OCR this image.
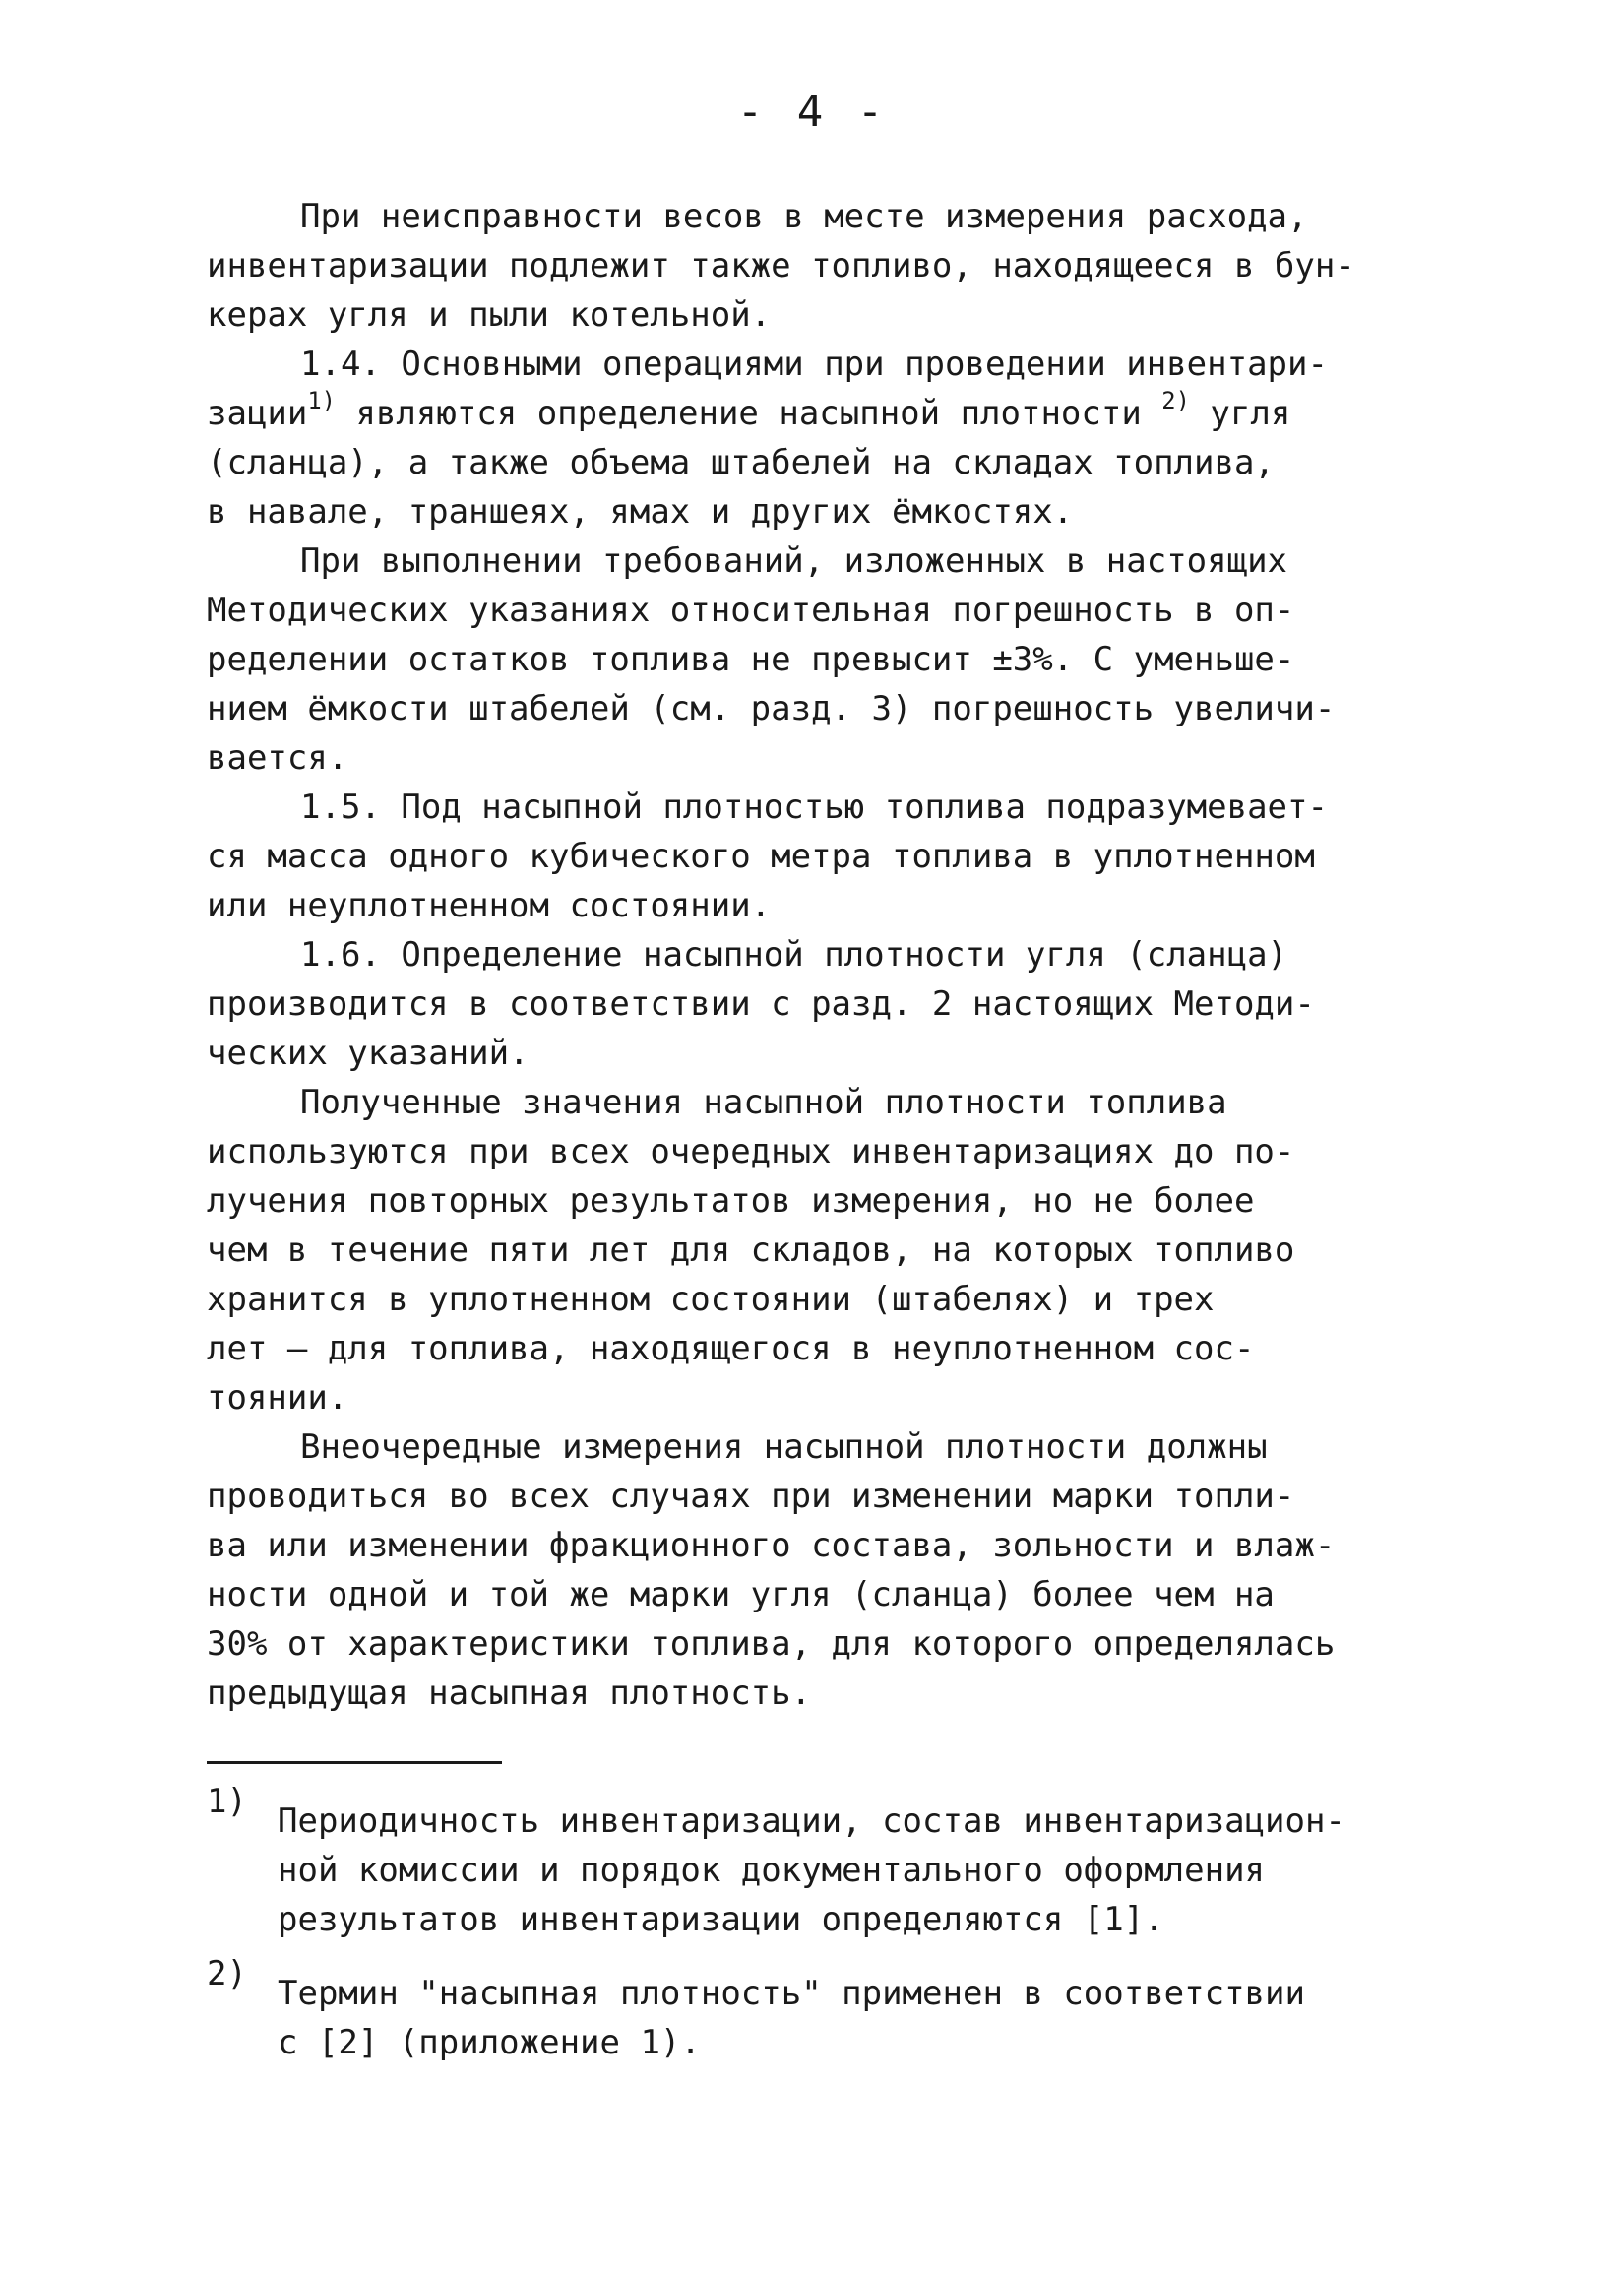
- 4 -
При неисправности весов в месте измерения расхода,
инвентаризации подлежит также топливо, находящееся в бун-
керах угля и пыли котельной.
1.4. Основными операциями при проведении инвентари-
зации$^{1)}$ являются определение насыпной плотности $^{2)}$ угля
(сланца), а также объема штабелей на складах топлива,
в навале, траншеях, ямах и других ёмкостях.
При выполнении требований, изложенных в настоящих
Методических указаниях относительная погрешность в оп-
ределении остатков топлива не превысит ±3%. С уменьше-
нием ёмкости штабелей (см. разд. 3) погрешность увеличи-
вается.
1.5. Под насыпной плотностью топлива подразумевает-
ся масса одного кубического метра топлива в уплотненном
или неуплотненном состоянии.
1.6. Определение насыпной плотности угля (сланца)
производится в соответствии с разд. 2 настоящих Методи-
ческих указаний.
Полученные значения насыпной плотности топлива
используются при всех очередных инвентаризациях до по-
лучения повторных результатов измерения, но не более
чем в течение пяти лет для складов, на которых топливо
хранится в уплотненном состоянии (штабелях) и трех
лет — для топлива, находящегося в неуплотненном сос-
тоянии.
Внеочередные измерения насыпной плотности должны
проводиться во всех случаях при изменении марки топли-
ва или изменении фракционного состава, зольности и влаж-
ности одной и той же марки угля (сланца) более чем на
30% от характеристики топлива, для которого определялась
предыдущая насыпная плотность.
1) Периодичность инвентаризации, состав инвентаризацион-
ной комиссии и порядок документального оформления
результатов инвентаризации определяются [1].
2) Термин "насыпная плотность" применен в соответствии
с [2] (приложение 1).
